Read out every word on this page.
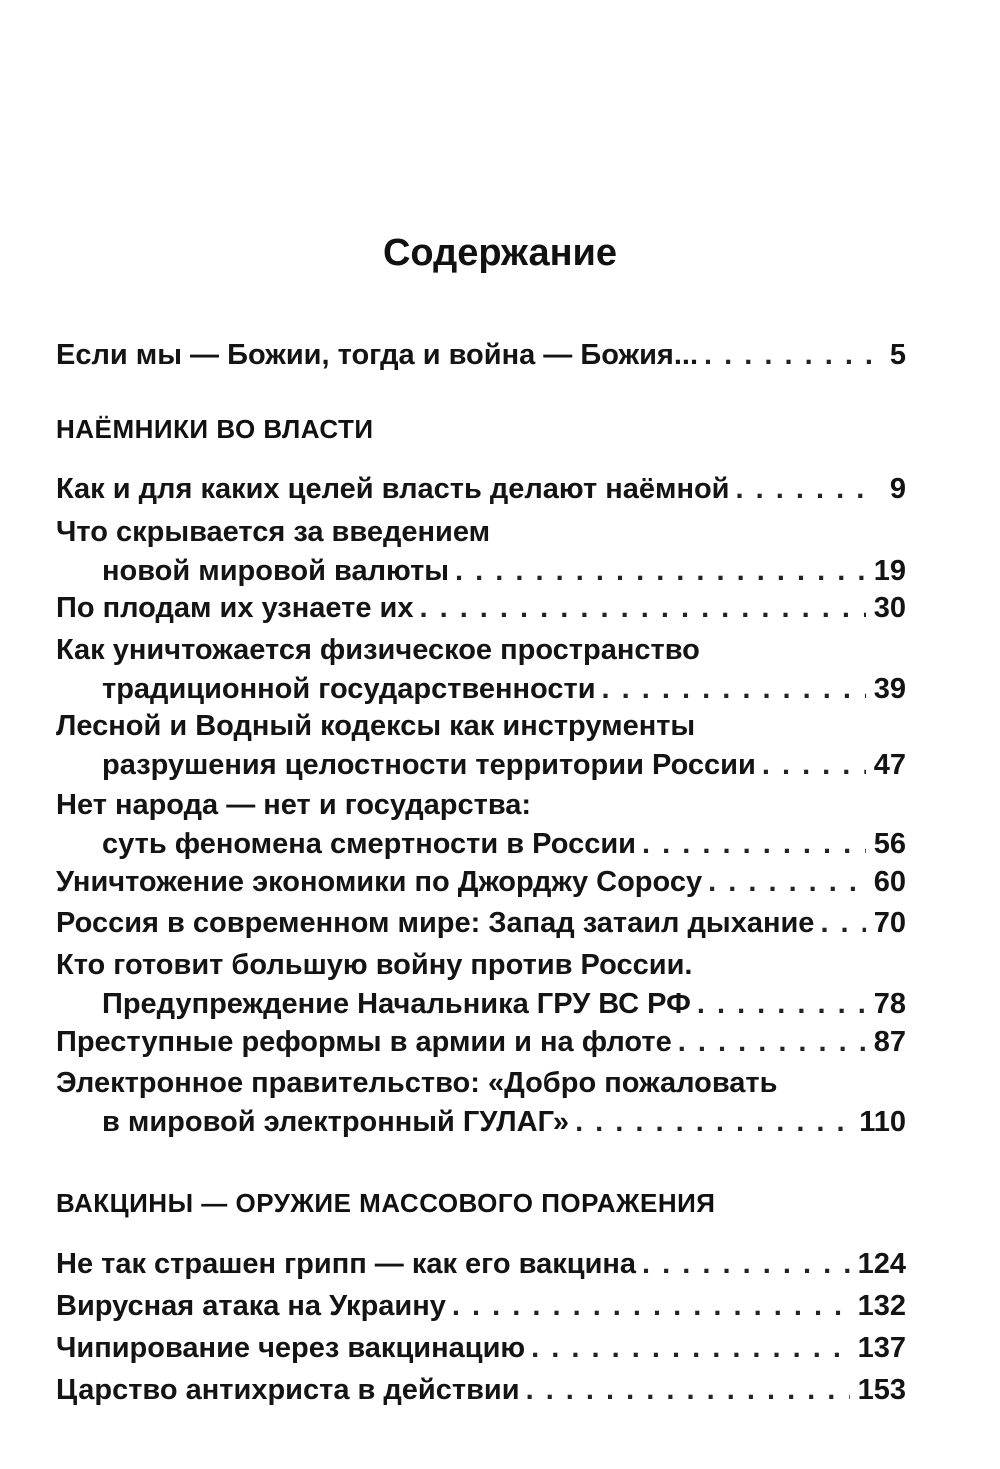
Содержание
Если мы — Божии, тогда и война — Божия... . . .	5
НАЁМНИКИ ВО ВЛАСТИ
Как и для каких целей власть делают наёмной . . .	9
Что скрывается за введением
новой мировой валюты . . .	19
По плодам их узнаете их . . .	30
Как уничтожается физическое пространство
традиционной государственности . . .	39
Лесной и Водный кодексы как инструменты
разрушения целостности территории России . . .	47
Нет народа — нет и государства:
суть феномена смертности в России . . .	56
Уничтожение экономики по Джорджу Соросу . . .	60
Россия в современном мире: Запад затаил дыхание . . . 70
Кто готовит большую войну против России.
Предупреждение Начальника ГРУ ВС РФ . . .	78
Преступные реформы в армии и на флоте . . .	87
Электронное правительство: «Добро пожаловать
в мировой электронный ГУЛАГ» . . .	110
ВАКЦИНЫ — ОРУЖИЕ МАССОВОГО ПОРАЖЕНИЯ
Не так страшен грипп — как его вакцина . . .	124
Вирусная атака на Украину . . .	132
Чипирование через вакцинацию . . .	137
Царство антихриста в действии . . .	153
